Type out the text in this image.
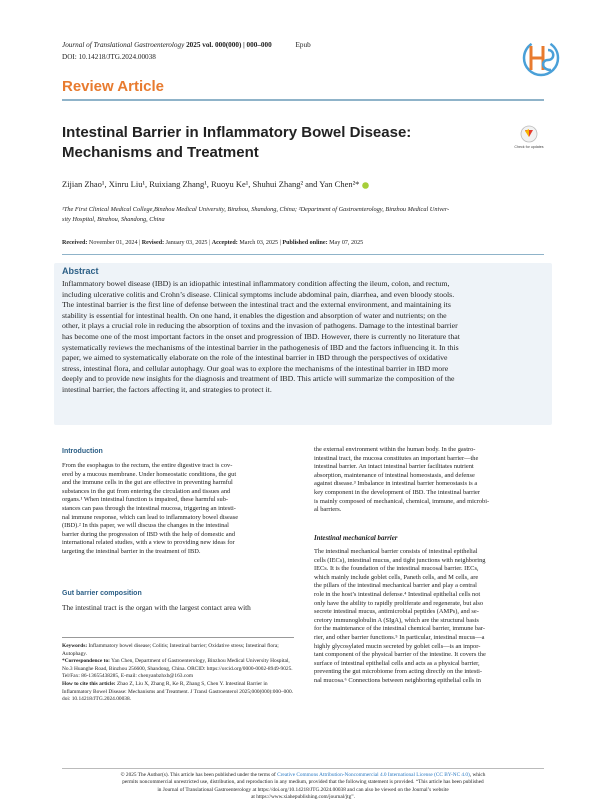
Journal of Translational Gastroenterology 2025 vol. 000(000) | 000–000	Epub
DOI: 10.14218/JTG.2024.00038
Review Article
Intestinal Barrier in Inflammatory Bowel Disease:
Mechanisms and Treatment	Check for updates
Zijian Zhao¹, Xinru Liu¹, Ruixiang Zhang¹, Ruoyu Ke¹, Shuhui Zhang² and Yan Chen²*
¹The First Clinical Medical College,Binzhou Medical University, Binzhou, Shandong, China; ²Department of Gastroenterology, Binzhou Medical Univer-
sity Hospital, Binzhou, Shandong, China
Received: November 01, 2024 | Revised: January 03, 2025 | Accepted: March 03, 2025 | Published online: May 07, 2025
Abstract
Inflammatory bowel disease (IBD) is an idiopathic intestinal inflammatory condition affecting the ileum, colon, and rectum,
including ulcerative colitis and Crohn’s disease. Clinical symptoms include abdominal pain, diarrhea, and even bloody stools.
The intestinal barrier is the first line of defense between the intestinal tract and the external environment, and maintaining its
stability is essential for intestinal health. On one hand, it enables the digestion and absorption of water and nutrients; on the
other, it plays a crucial role in reducing the absorption of toxins and the invasion of pathogens. Damage to the intestinal barrier
has become one of the most important factors in the onset and progression of IBD. However, there is currently no literature that
systematically reviews the mechanisms of the intestinal barrier in the pathogenesis of IBD and the factors influencing it. In this
paper, we aimed to systematically elaborate on the role of the intestinal barrier in IBD through the perspectives of oxidative
stress, intestinal flora, and cellular autophagy. Our goal was to explore the mechanisms of the intestinal barrier in IBD more
deeply and to provide new insights for the diagnosis and treatment of IBD. This article will summarize the composition of the
intestinal barrier, the factors affecting it, and strategies to protect it.
Introduction
From the esophagus to the rectum, the entire digestive tract is cov-
ered by a mucous membrane. Under homeostatic conditions, the gut
and the immune cells in the gut are effective in preventing harmful
substances in the gut from entering the circulation and tissues and
organs.¹ When intestinal function is impaired, these harmful sub-
stances can pass through the intestinal mucosa, triggering an intesti-
nal immune response, which can lead to inflammatory bowel disease
(IBD).² In this paper, we will discuss the changes in the intestinal
barrier during the progression of IBD with the help of domestic and
international related studies, with a view to providing new ideas for
targeting the intestinal barrier in the treatment of IBD.
Gut barrier composition
The intestinal tract is the organ with the largest contact area with
Keywords: Inflammatory bowel disease; Colitis; Intestinal barrier; Oxidative stress; Intestinal flora; Autophagy.
*Correspondence to: Yan Chen, Department of Gastroenterology, Binzhou Medical University Hospital, No.3 Huanghe Road, Binzhou 256600, Shandong, China. ORCID: https://orcid.org/0000-0002-8949-9025. Tel/Fax: 86-13655438285, E-mail: chenyanbzhxb@163.com
How to cite this article: Zhao Z, Liu X, Zhang R, Ke R, Zhang S, Chen Y. Intestinal Barrier in Inflammatory Bowel Disease: Mechanisms and Treatment. J Transl Gastroenterol 2025;000(000):000–000. doi: 10.14218/JTG.2024.00038.
the external environment within the human body. In the gastro-
intestinal tract, the mucosa constitutes an important barrier—the
intestinal barrier. An intact intestinal barrier facilitates nutrient
absorption, maintenance of intestinal homeostasis, and defense
against disease.³ Imbalance in intestinal barrier homeostasis is a
key component in the development of IBD. The intestinal barrier
is mainly composed of mechanical, chemical, immune, and microbi-
al barriers.
Intestinal mechanical barrier
The intestinal mechanical barrier consists of intestinal epithelial
cells (IECs), intestinal mucus, and tight junctions with neighboring
IECs. It is the foundation of the intestinal mucosal barrier. IECs,
which mainly include goblet cells, Paneth cells, and M cells, are
the pillars of the intestinal mechanical barrier and play a central
role in the host’s intestinal defense.⁴ Intestinal epithelial cells not
only have the ability to rapidly proliferate and regenerate, but also
secrete intestinal mucus, antimicrobial peptides (AMPs), and se-
cretory immunoglobulin A (SIgA), which are the structural basis
for the maintenance of the intestinal chemical barrier, immune bar-
rier, and other barrier functions.⁵ In particular, intestinal mucus—a
highly glycosylated mucin secreted by goblet cells—is an impor-
tant component of the physical barrier of the intestine. It covers the
surface of intestinal epithelial cells and acts as a physical barrier,
preventing the gut microbiome from acting directly on the intesti-
nal mucosa.⁶ Connections between neighboring epithelial cells in
© 2025 The Author(s). This article has been published under the terms of Creative Commons Attribution-Noncommercial 4.0 International License (CC BY-NC 4.0), which
permits noncommercial unrestricted use, distribution, and reproduction in any medium, provided that the following statement is provided. “This article has been published
in Journal of Translational Gastroenterology at https://doi.org/10.14218/JTG.2024.00038 and can also be viewed on the Journal’s website
at https://www.xiahepublishing.com/journal/jtg”.
